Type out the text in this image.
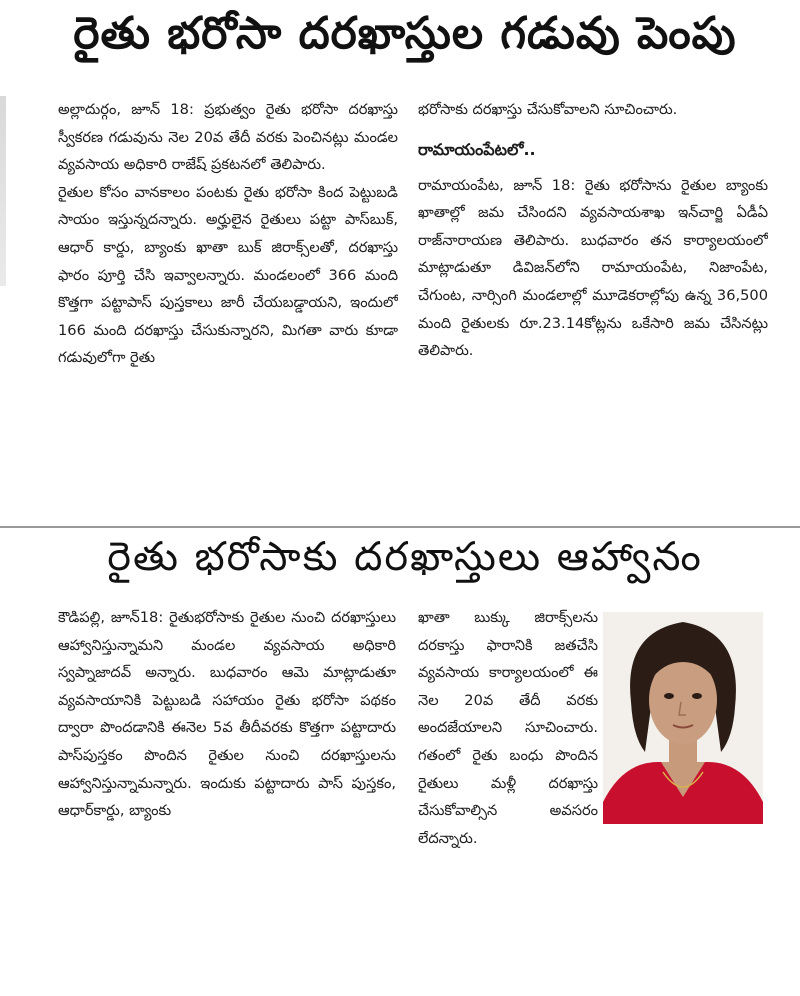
రైతు భరోసా దరఖాస్తుల గడువు పెంపు

అల్లాదుర్గం, జూన్ 18: ప్రభుత్వం రైతు భరోసా దరఖాస్తు స్వీకరణ గడువును నెల 20వ తేదీ వరకు పెంచినట్లు మండల వ్యవసాయ అధికారి రాజేష్ ప్రకటనలో తెలిపారు.

రైతుల కోసం వానకాలం పంటకు రైతు భరోసా కింద పెట్టుబడి సాయం ఇస్తున్నదన్నారు. అర్హులైన రైతులు పట్టా పాస్‌బుక్, ఆధార్ కార్డు, బ్యాంకు ఖాతా బుక్ జిరాక్స్‌లతో, దరఖాస్తు ఫారం పూర్తి చేసి ఇవ్వాలన్నారు. మండలంలో 366 మంది కొత్తగా పట్టాపాస్ పుస్తకాలు జారీ చేయబడ్డాయని, ఇందులో 166 మంది దరఖాస్తు చేసుకున్నారని, మిగతా వారు కూడా గడువులోగా రైతు

భరోసాకు దరఖాస్తు చేసుకోవాలని సూచించారు.

రామాయంపేటలో..

రామాయంపేట, జూన్ 18: రైతు భరోసాను రైతుల బ్యాంకు ఖాతాల్లో జమ చేసిందని వ్యవసాయశాఖ ఇన్‌చార్జి ఏడీఏ రాజ్‌నారాయణ తెలిపారు. బుధవారం తన కార్యాలయంలో మాట్లాడుతూ డివిజన్‌లోని రామాయంపేట, నిజాంపేట, చేగుంట, నార్సింగి మండలాల్లో మూడెకరాల్లోపు ఉన్న 36,500 మంది రైతులకు రూ.23.14కోట్లను ఒకేసారి జమ చేసినట్లు తెలిపారు.

రైతు భరోసాకు దరఖాస్తులు ఆహ్వానం

కౌడిపల్లి, జూన్18: రైతుభరోసాకు రైతుల నుంచి దరఖాస్తులు ఆహ్వానిస్తున్నామని మండల వ్యవసాయ అధికారి స్వప్నాజాదవ్ అన్నారు. బుధవారం ఆమె మాట్లాడుతూ వ్యవసాయానికి పెట్టుబడి సహాయం రైతు భరోసా పథకం ద్వారా పొందడానికి ఈనెల 5వ తీదీవరకు కొత్తగా పట్టాదారు పాస్‌పుస్తకం పొందిన రైతుల నుంచి దరఖాస్తులను ఆహ్వానిస్తున్నామన్నారు. ఇందుకు పట్టాదారు పాస్ పుస్తకం, ఆధార్‌కార్డు, బ్యాంకు

ఖాతా బుక్కు జిరాక్స్‌లను దరకాస్తు ఫారానికి జతచేసి వ్యవసాయ కార్యాలయంలో ఈ నెల 20వ తేదీ వరకు అందజేయాలని సూచించారు. గతంలో రైతు బంధు పొందిన రైతులు మళ్లీ దరఖాస్తు చేసుకోవాల్సిన అవసరం లేదన్నారు.
